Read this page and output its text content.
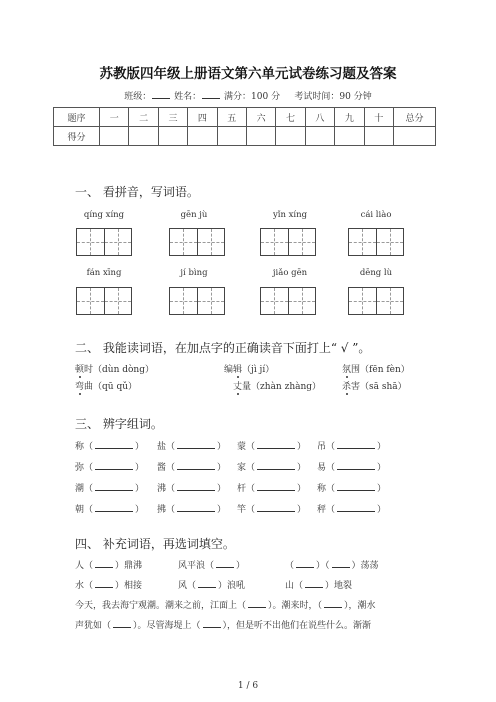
苏教版四年级上册语文第六单元试卷练习题及答案
班级：	姓名：	满分：100 分 考试时间：90 分钟
题序	一	二	三	四	五	六	七	八	九	十	总分
得分											
一、 看拼音，写词语。
qíng xíng	gēn jù	yǐn xíng	cái liào
fán xīng	jí bìng	jiǎo gēn	dēng lù
二、 我能读词语，在加点字的正确读音下面打上“ √ ”。
顿时（dùn dòng）	编辑（jì jí）	氛围（fēn fèn）
弯曲（qū qǔ）	丈量（zhàn zhàng） 杀害（sā shā）
三、 辨字组词。
称（	） 盐（	） 蒙（	） 吊（	）
弥（	） 酱（	） 家（	） 易（	）
潮（	） 沸（	） 杆（	） 称（	）
朝（	） 拂（	） 竿（	） 秤（	）
四、 补充词语，再选词填空。
人（ ）鼎沸	风平浪（ ）	（ ）（ ）荡荡
水（ ）相接	风（ ）浪吼	山（ ）地裂
今天，我去海宁观潮。潮来之前，江面上（ ）。潮来时，（ ），潮水
声犹如（ ）。尽管海堤上（ ），但是听不出他们在说些什么。渐渐
1 / 6
